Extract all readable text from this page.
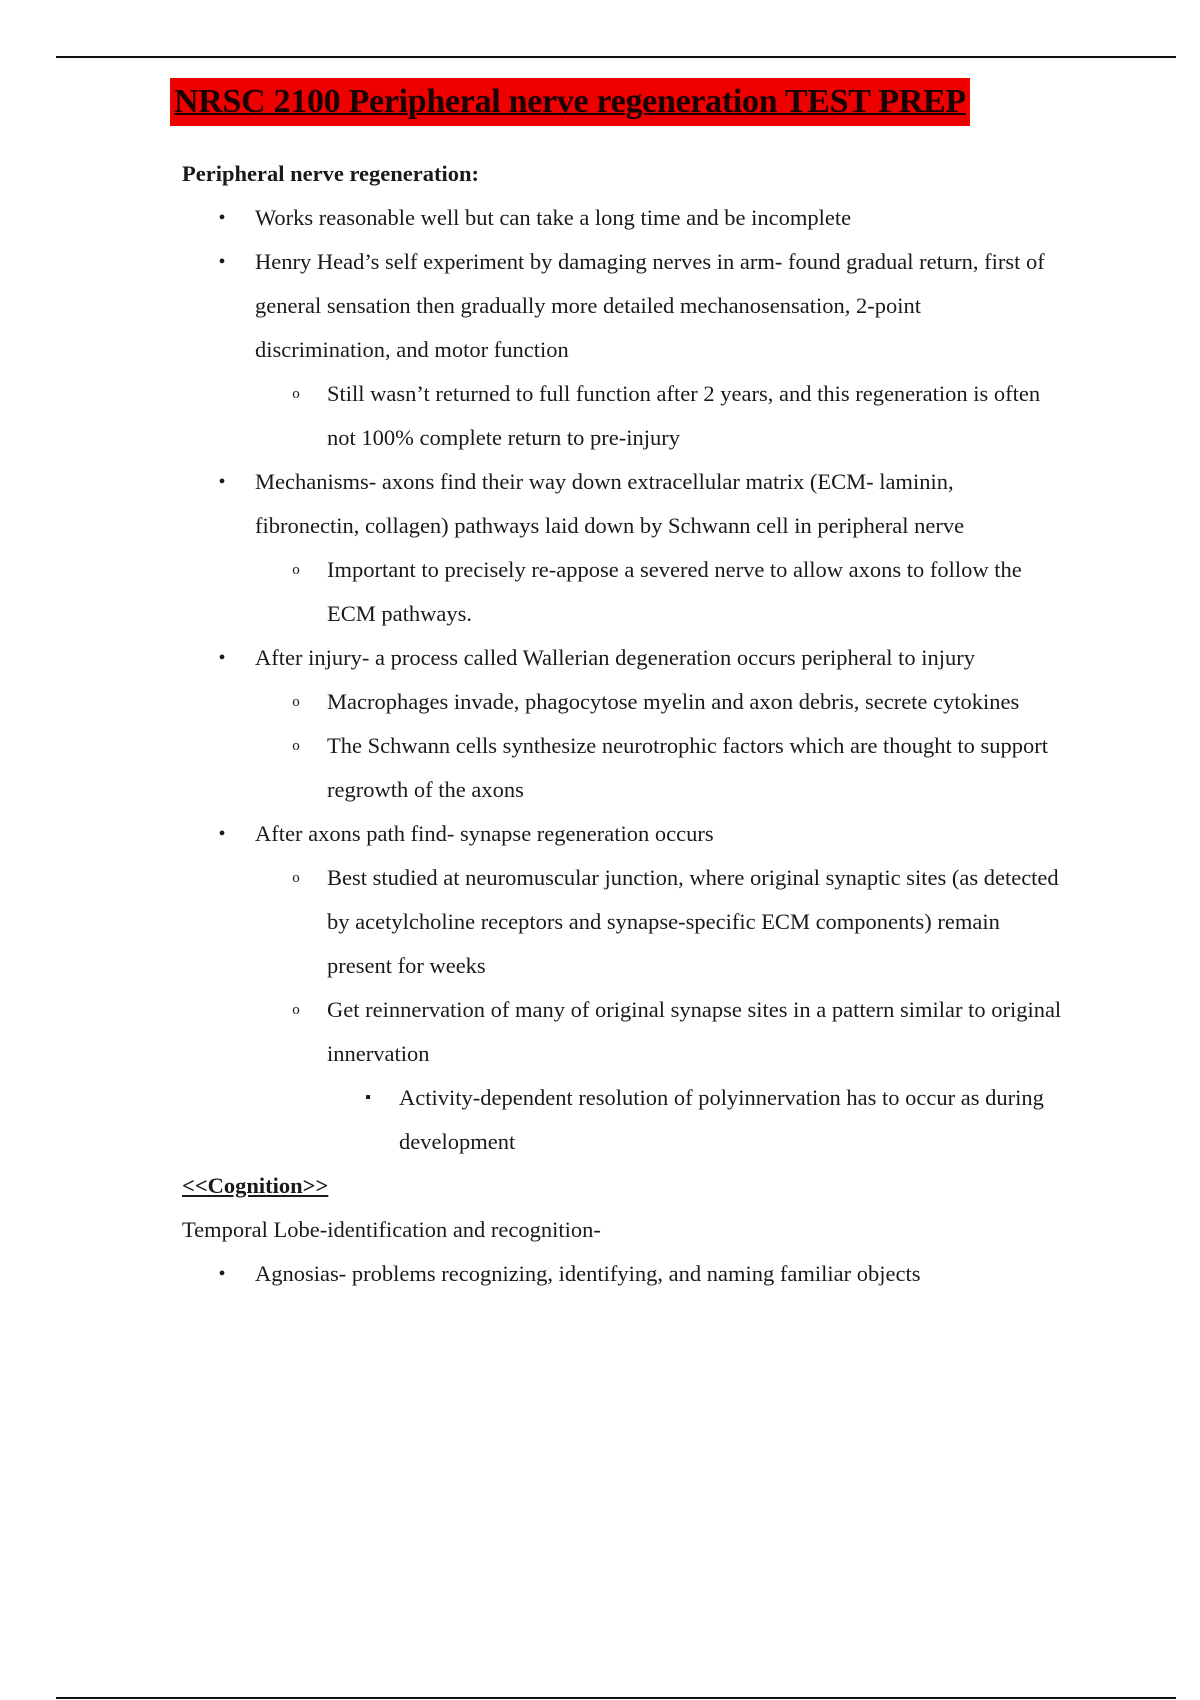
NRSC 2100 Peripheral nerve regeneration TEST PREP

Peripheral nerve regeneration:

• Works reasonable well but can take a long time and be incomplete
• Henry Head’s self experiment by damaging nerves in arm- found gradual return, first of general sensation then gradually more detailed mechanosensation, 2-point discrimination, and motor function
o Still wasn’t returned to full function after 2 years, and this regeneration is often not 100% complete return to pre-injury
• Mechanisms- axons find their way down extracellular matrix (ECM- laminin, fibronectin, collagen) pathways laid down by Schwann cell in peripheral nerve
o Important to precisely re-appose a severed nerve to allow axons to follow the ECM pathways.
• After injury- a process called Wallerian degeneration occurs peripheral to injury
o Macrophages invade, phagocytose myelin and axon debris, secrete cytokines
o The Schwann cells synthesize neurotrophic factors which are thought to support regrowth of the axons
• After axons path find- synapse regeneration occurs
o Best studied at neuromuscular junction, where original synaptic sites (as detected by acetylcholine receptors and synapse-specific ECM components) remain present for weeks
o Get reinnervation of many of original synapse sites in a pattern similar to original innervation
▪	Activity-dependent resolution of polyinnervation has to occur as during development

<<Cognition>>

Temporal Lobe-identification and recognition-

• Agnosias- problems recognizing, identifying, and naming familiar objects
